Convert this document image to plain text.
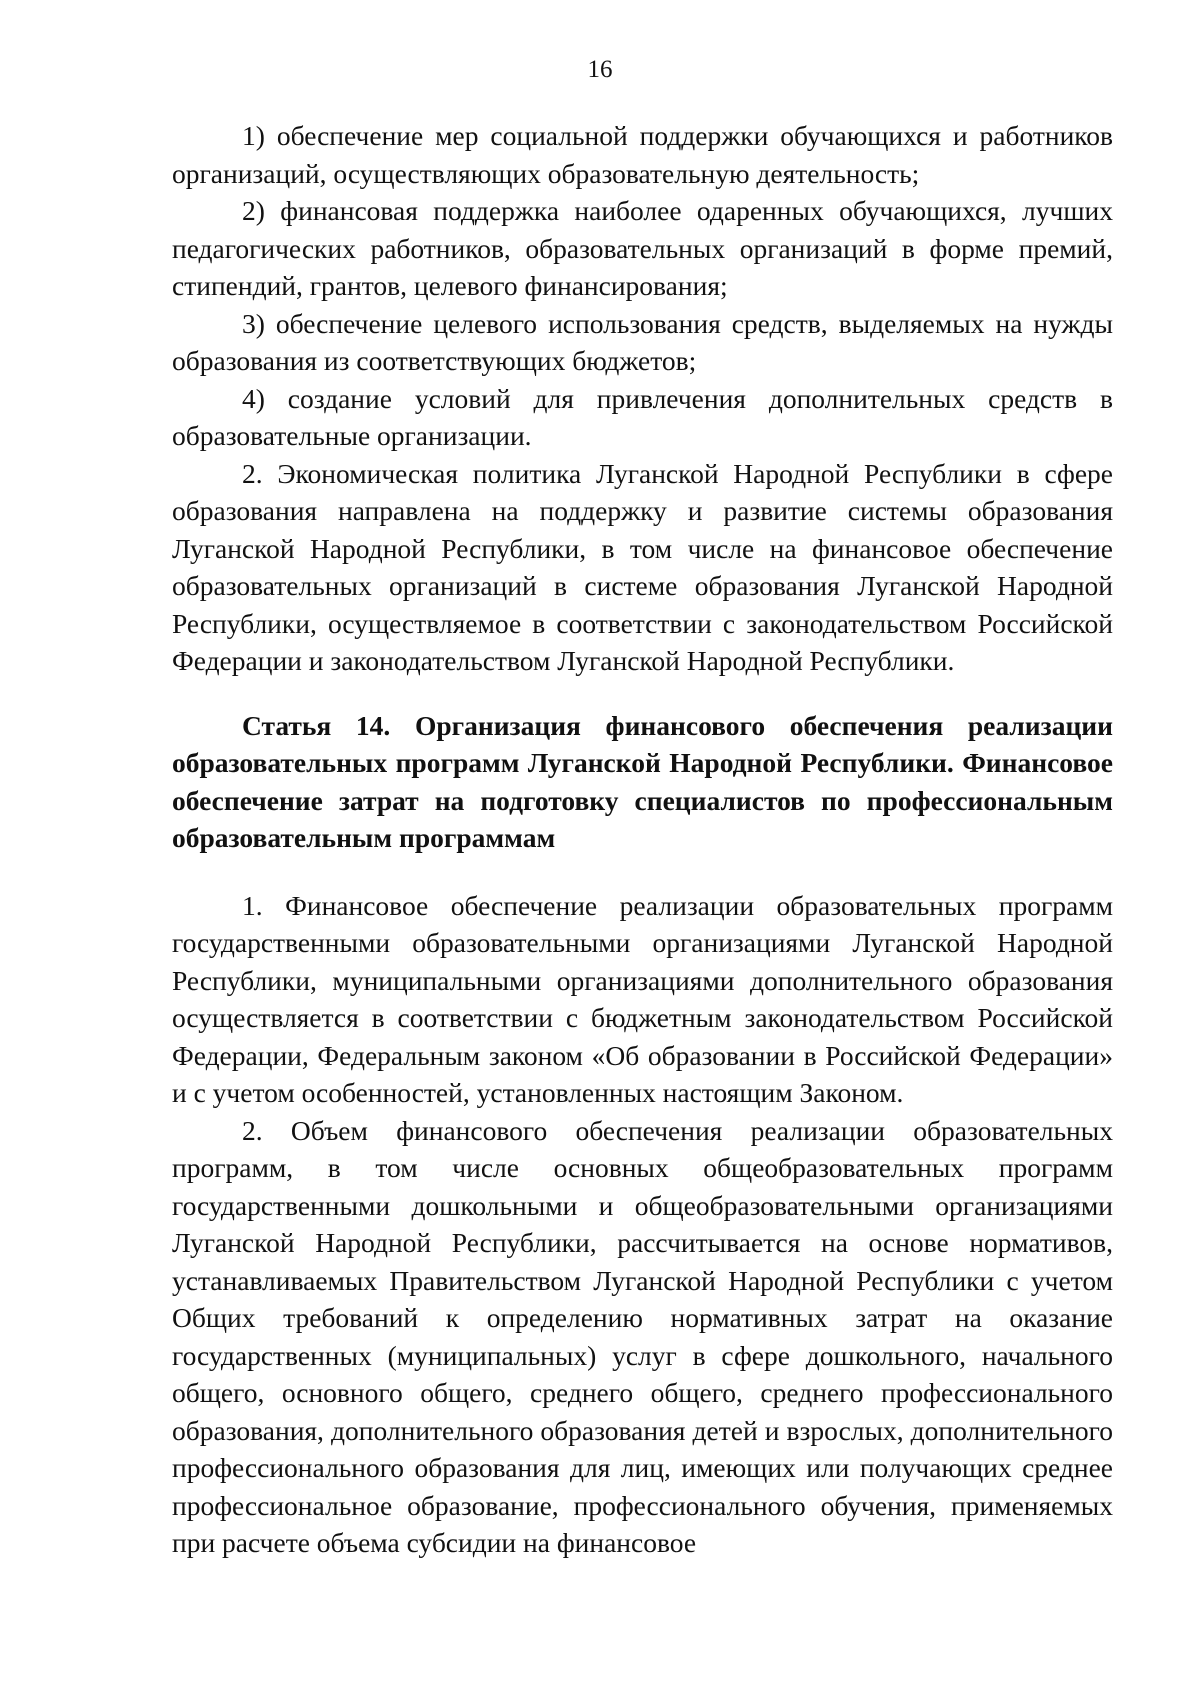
16

1) обеспечение мер социальной поддержки обучающихся и работников организаций, осуществляющих образовательную деятельность;

2) финансовая поддержка наиболее одаренных обучающихся, лучших педагогических работников, образовательных организаций в форме премий, стипендий, грантов, целевого финансирования;

3) обеспечение целевого использования средств, выделяемых на нужды образования из соответствующих бюджетов;

4) создание условий для привлечения дополнительных средств в образовательные организации.

2. Экономическая политика Луганской Народной Республики в сфере образования направлена на поддержку и развитие системы образования Луганской Народной Республики, в том числе на финансовое обеспечение образовательных организаций в системе образования Луганской Народной Республики, осуществляемое в соответствии с законодательством Российской Федерации и законодательством Луганской Народной Республики.

Статья 14. Организация финансового обеспечения реализации образовательных программ Луганской Народной Республики. Финансовое обеспечение затрат на подготовку специалистов по профессиональным образовательным программам

1. Финансовое обеспечение реализации образовательных программ государственными образовательными организациями Луганской Народной Республики, муниципальными организациями дополнительного образования осуществляется в соответствии с бюджетным законодательством Российской Федерации, Федеральным законом «Об образовании в Российской Федерации» и с учетом особенностей, установленных настоящим Законом.

2. Объем финансового обеспечения реализации образовательных программ, в том числе основных общеобразовательных программ государственными дошкольными и общеобразовательными организациями Луганской Народной Республики, рассчитывается на основе нормативов, устанавливаемых Правительством Луганской Народной Республики с учетом Общих требований к определению нормативных затрат на оказание государственных (муниципальных) услуг в сфере дошкольного, начального общего, основного общего, среднего общего, среднего профессионального образования, дополнительного образования детей и взрослых, дополнительного профессионального образования для лиц, имеющих или получающих среднее профессиональное образование, профессионального обучения, применяемых при расчете объема субсидии на финансовое
